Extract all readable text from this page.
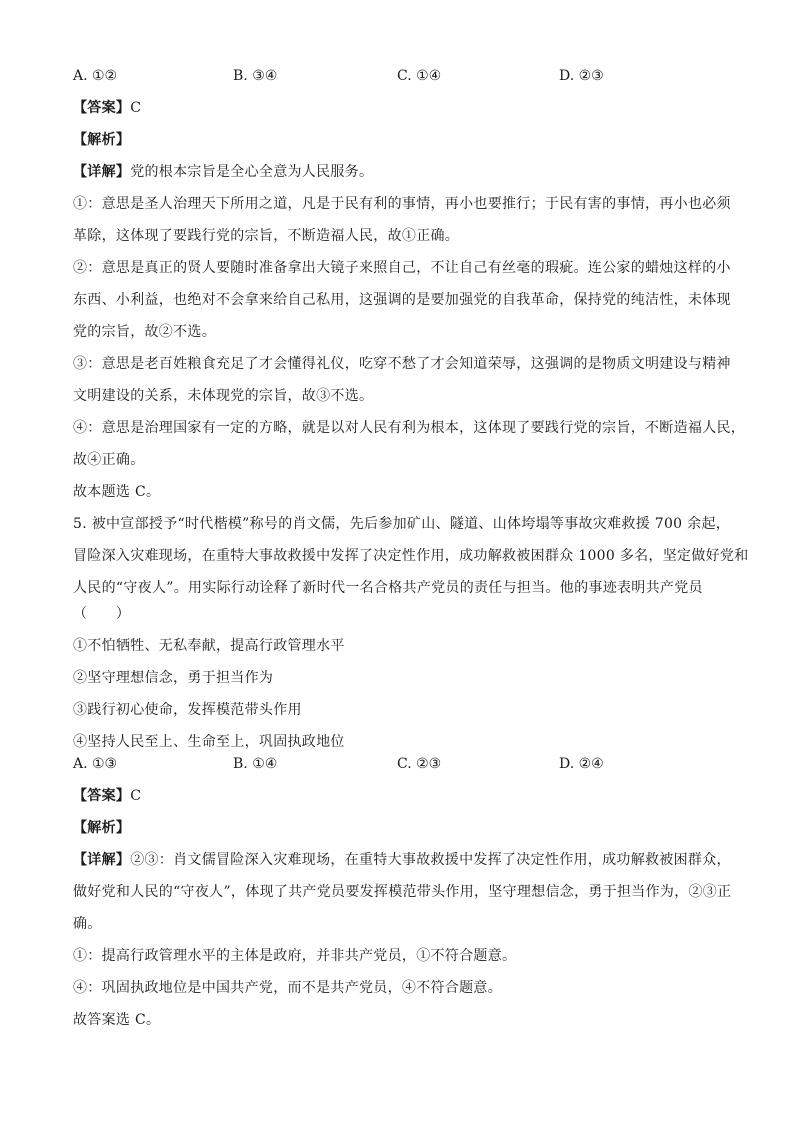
A. ①②	B. ③④	C. ①④	D. ②③
【答案】C
【解析】
【详解】党的根本宗旨是全心全意为人民服务。
①：意思是圣人治理天下所用之道，凡是于民有利的事情，再小也要推行；于民有害的事情，再小也必须
革除，这体现了要践行党的宗旨，不断造福人民，故①正确。
②：意思是真正的贤人要随时准备拿出大镜子来照自己，不让自己有丝毫的瑕疵。连公家的蜡烛这样的小
东西、小利益，也绝对不会拿来给自己私用，这强调的是要加强党的自我革命，保持党的纯洁性，未体现
党的宗旨，故②不选。
③：意思是老百姓粮食充足了才会懂得礼仪，吃穿不愁了才会知道荣辱，这强调的是物质文明建设与精神
文明建设的关系，未体现党的宗旨，故③不选。
④：意思是治理国家有一定的方略，就是以对人民有利为根本，这体现了要践行党的宗旨，不断造福人民，
故④正确。
故本题选 C。
5. 被中宣部授予“时代楷模”称号的肖文儒，先后参加矿山、隧道、山体垮塌等事故灾难救援 700 余起，
冒险深入灾难现场，在重特大事故救援中发挥了决定性作用，成功解救被困群众 1000 多名，坚定做好党和
人民的“守夜人”。用实际行动诠释了新时代一名合格共产党员的责任与担当。他的事迹表明共产党员
（　　）
①不怕牺牲、无私奉献，提高行政管理水平
②坚守理想信念，勇于担当作为
③践行初心使命，发挥模范带头作用
④坚持人民至上、生命至上，巩固执政地位
A. ①③	B. ①④	C. ②③	D. ②④
【答案】C
【解析】
【详解】②③：肖文儒冒险深入灾难现场，在重特大事故救援中发挥了决定性作用，成功解救被困群众，
做好党和人民的“守夜人”，体现了共产党员要发挥模范带头作用，坚守理想信念，勇于担当作为，②③正
确。
①：提高行政管理水平的主体是政府，并非共产党员，①不符合题意。
④：巩固执政地位是中国共产党，而不是共产党员，④不符合题意。
故答案选 C。
